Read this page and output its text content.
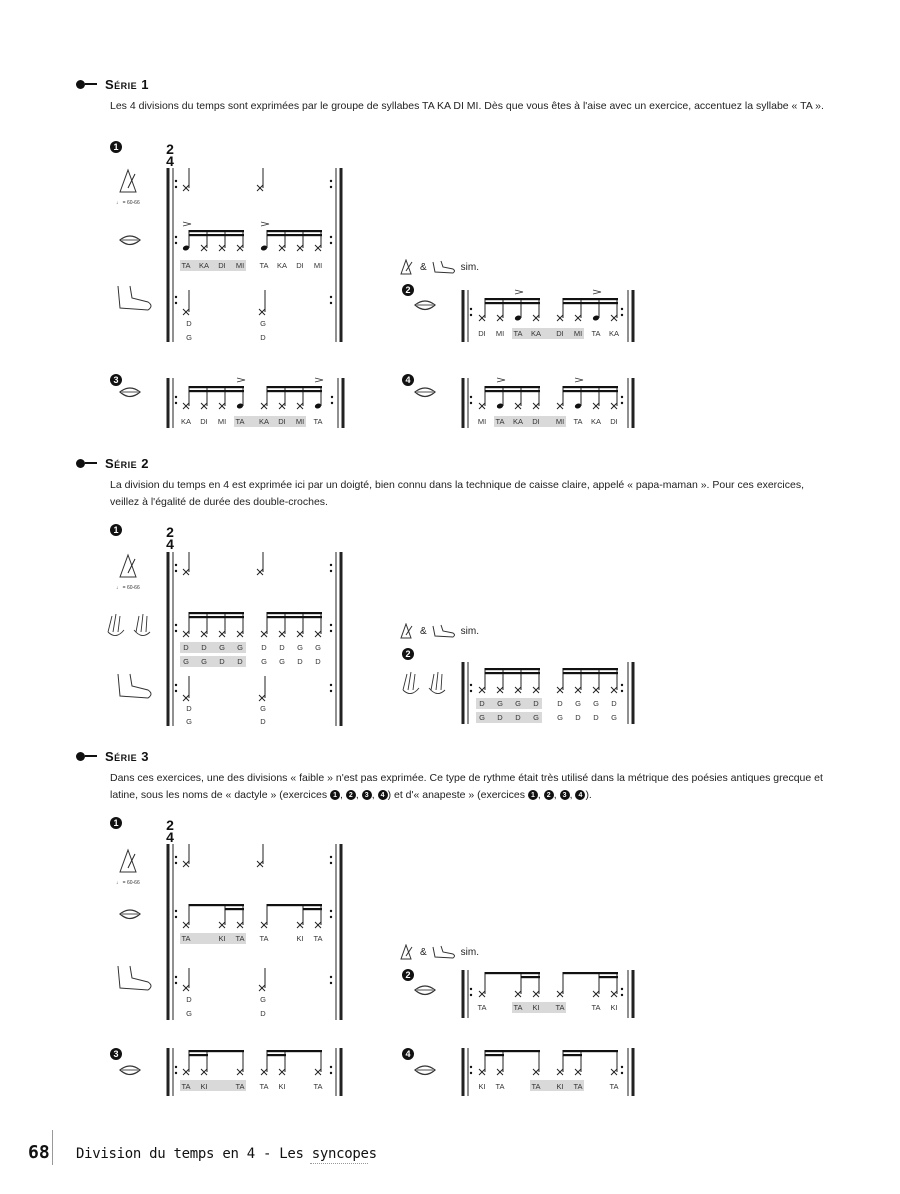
Série 1
Les 4 divisions du temps sont exprimées par le groupe de syllabes TA KA DI MI. Dès que vous êtes à l'aise avec un exercice, accentuez la syllabe « TA ».
Série 2
La division du temps en 4 est exprimée ici par un doigté, bien connu dans la technique de caisse claire, appelé « papa-maman ». Pour ces exercices, veillez à l'égalité de durée des double-croches.
Série 3
Dans ces exercices, une des divisions « faible » n'est pas exprimée. Ce type de rythme était très utilisé dans la métrique des poésies antiques grecque et latine, sous les noms de « dactyle » (exercices 1 , 2 , 3 , 4 ) et d'« anapeste » (exercices 1 , 2 , 3 , 4 ).
1
2
3	4
1
2
1
2
3	4
&	sim.
&	sim.
&	sim.
2
4
♩ = 60-66
TA KA DI MI TA KA DI MI
D
G
G
D	DI MI TA KA DI MI TA KA
KA DI MI TA KA DI MI TA	MI TA KA DI MI TA KA DI
2
4
♩ = 60-66
D D G G D D G G
G G D D G G D D
D
G
G
D
D G G D D G G D
G D D G G D D G
2
4
♩ = 60-66
TA	KI TA TA	KI TA
D
G
G
D
TA	TA KI TA	TA KI
TA KI	TA TA KI	TA	KI TA	TA KI TA	TA
68 Division du temps en 4 - Les syncopes
